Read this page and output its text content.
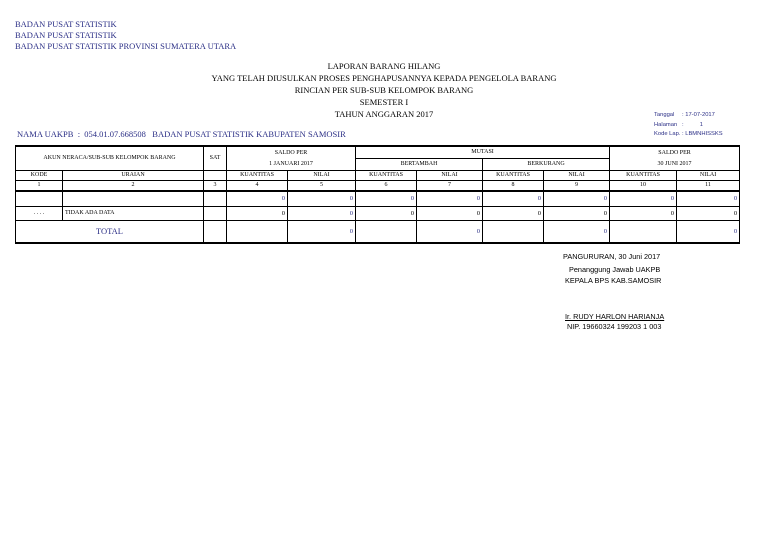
BADAN PUSAT STATISTIK
BADAN PUSAT STATISTIK
BADAN PUSAT STATISTIK PROVINSI SUMATERA UTARA
LAPORAN BARANG HILANG
YANG TELAH DIUSULKAN PROSES PENGHAPUSANNYA KEPADA PENGELOLA BARANG
RINCIAN PER SUB-SUB KELOMPOK BARANG
SEMESTER I
TAHUN ANGGARAN 2017	Tanggal : 17-07-2017
Halaman :          1
Kode Lap. : LBMNHISSKS
NAMA UAKPB  :  054.01.07.668508   BADAN PUSAT STATISTIK KABUPATEN SAMOSIR
AKUN NERACA/SUB-SUB KELOMPOK BARANG		SAT	SALDO PER		MUTASI				SALDO PER	
			1 JANUARI 2017		BERTAMBAH		BERKURANG		30 JUNI 2017	
KODE	URAIAN		KUANTITAS	NILAI	KUANTITAS	NILAI	KUANTITAS	NILAI	KUANTITAS	NILAI
1	2	3	4	5	6	7	8	9	10	11
			0	0	0	0	0	0	0	0
. . . .	TIDAK ADA DATA		0	0	0	0	0	0	0	0
TOTAL				0		0		0		0
PANGURURAN, 30 Juni 2017
Penanggung Jawab UAKPB
KEPALA BPS KAB.SAMOSIR
Ir. RUDY HARLON HARIANJA
NIP. 19660324 199203 1 003
